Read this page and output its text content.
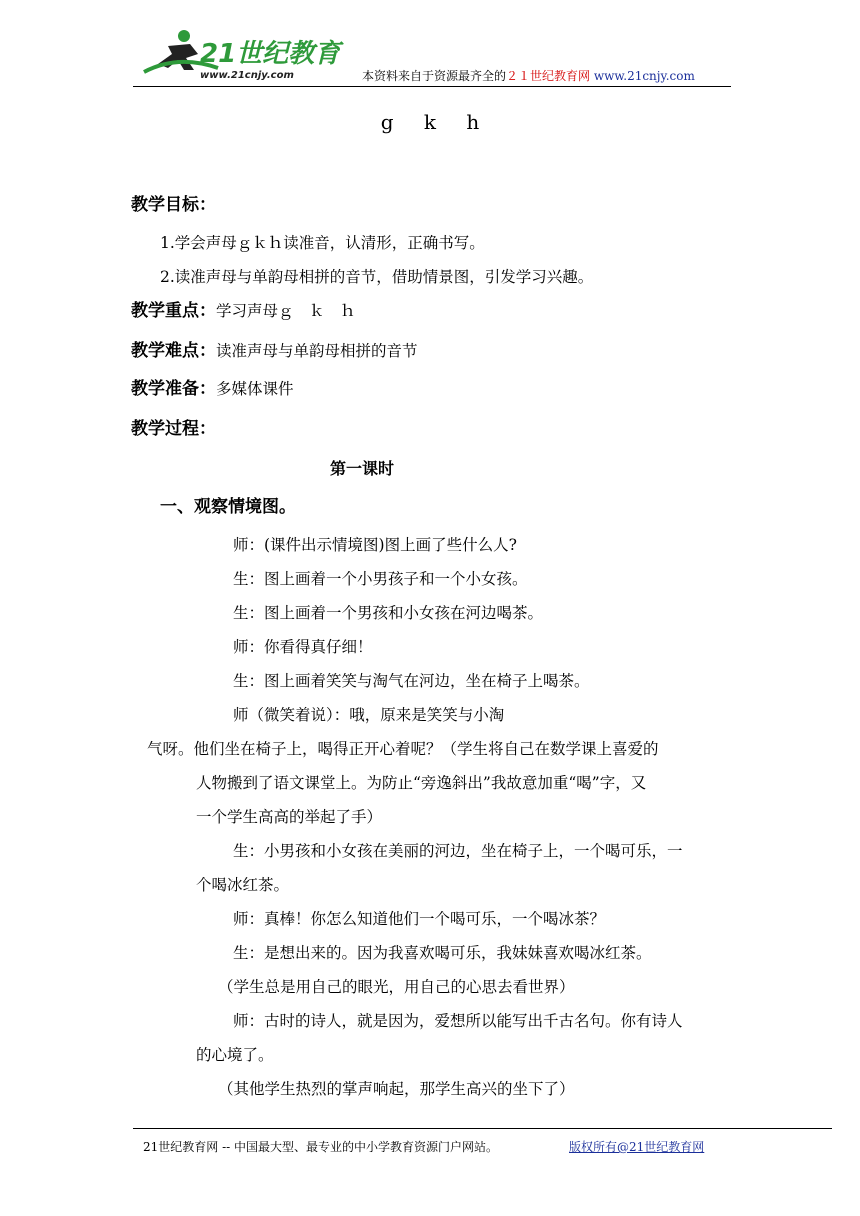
21世纪教育
www.21cnjy.com	本资料来自于资源最齐全的２１世纪教育网 www.21cnjy.com
g k h
教学目标：
1.学会声母ｇｋｈ读准音，认清形，正确书写。
2.读准声母与单韵母相拼的音节，借助情景图，引发学习兴趣。
教学重点：学习声母ｇ　ｋ　ｈ
教学难点：读准声母与单韵母相拼的音节
教学准备：多媒体课件
教学过程：
第一课时
一、观察情境图。
师：(课件出示情境图)图上画了些什么人?
生：图上画着一个小男孩子和一个小女孩。
生：图上画着一个男孩和小女孩在河边喝茶。
师：你看得真仔细！
生：图上画着笑笑与淘气在河边，坐在椅子上喝茶。
师（微笑着说）：哦，原来是笑笑与小淘
气呀。他们坐在椅子上，喝得正开心着呢？（学生将自己在数学课上喜爱的
人物搬到了语文课堂上。为防止“旁逸斜出”我故意加重“喝”字，又
一个学生高高的举起了手）
生：小男孩和小女孩在美丽的河边，坐在椅子上，一个喝可乐，一
个喝冰红茶。
师：真棒！你怎么知道他们一个喝可乐，一个喝冰茶？
生：是想出来的。因为我喜欢喝可乐，我妹妹喜欢喝冰红茶。
（学生总是用自己的眼光，用自己的心思去看世界）
师：古时的诗人，就是因为，爱想所以能写出千古名句。你有诗人
的心境了。
（其他学生热烈的掌声响起，那学生高兴的坐下了）
21世纪教育网 -- 中国最大型、最专业的中小学教育资源门户网站。	版权所有@21世纪教育网
